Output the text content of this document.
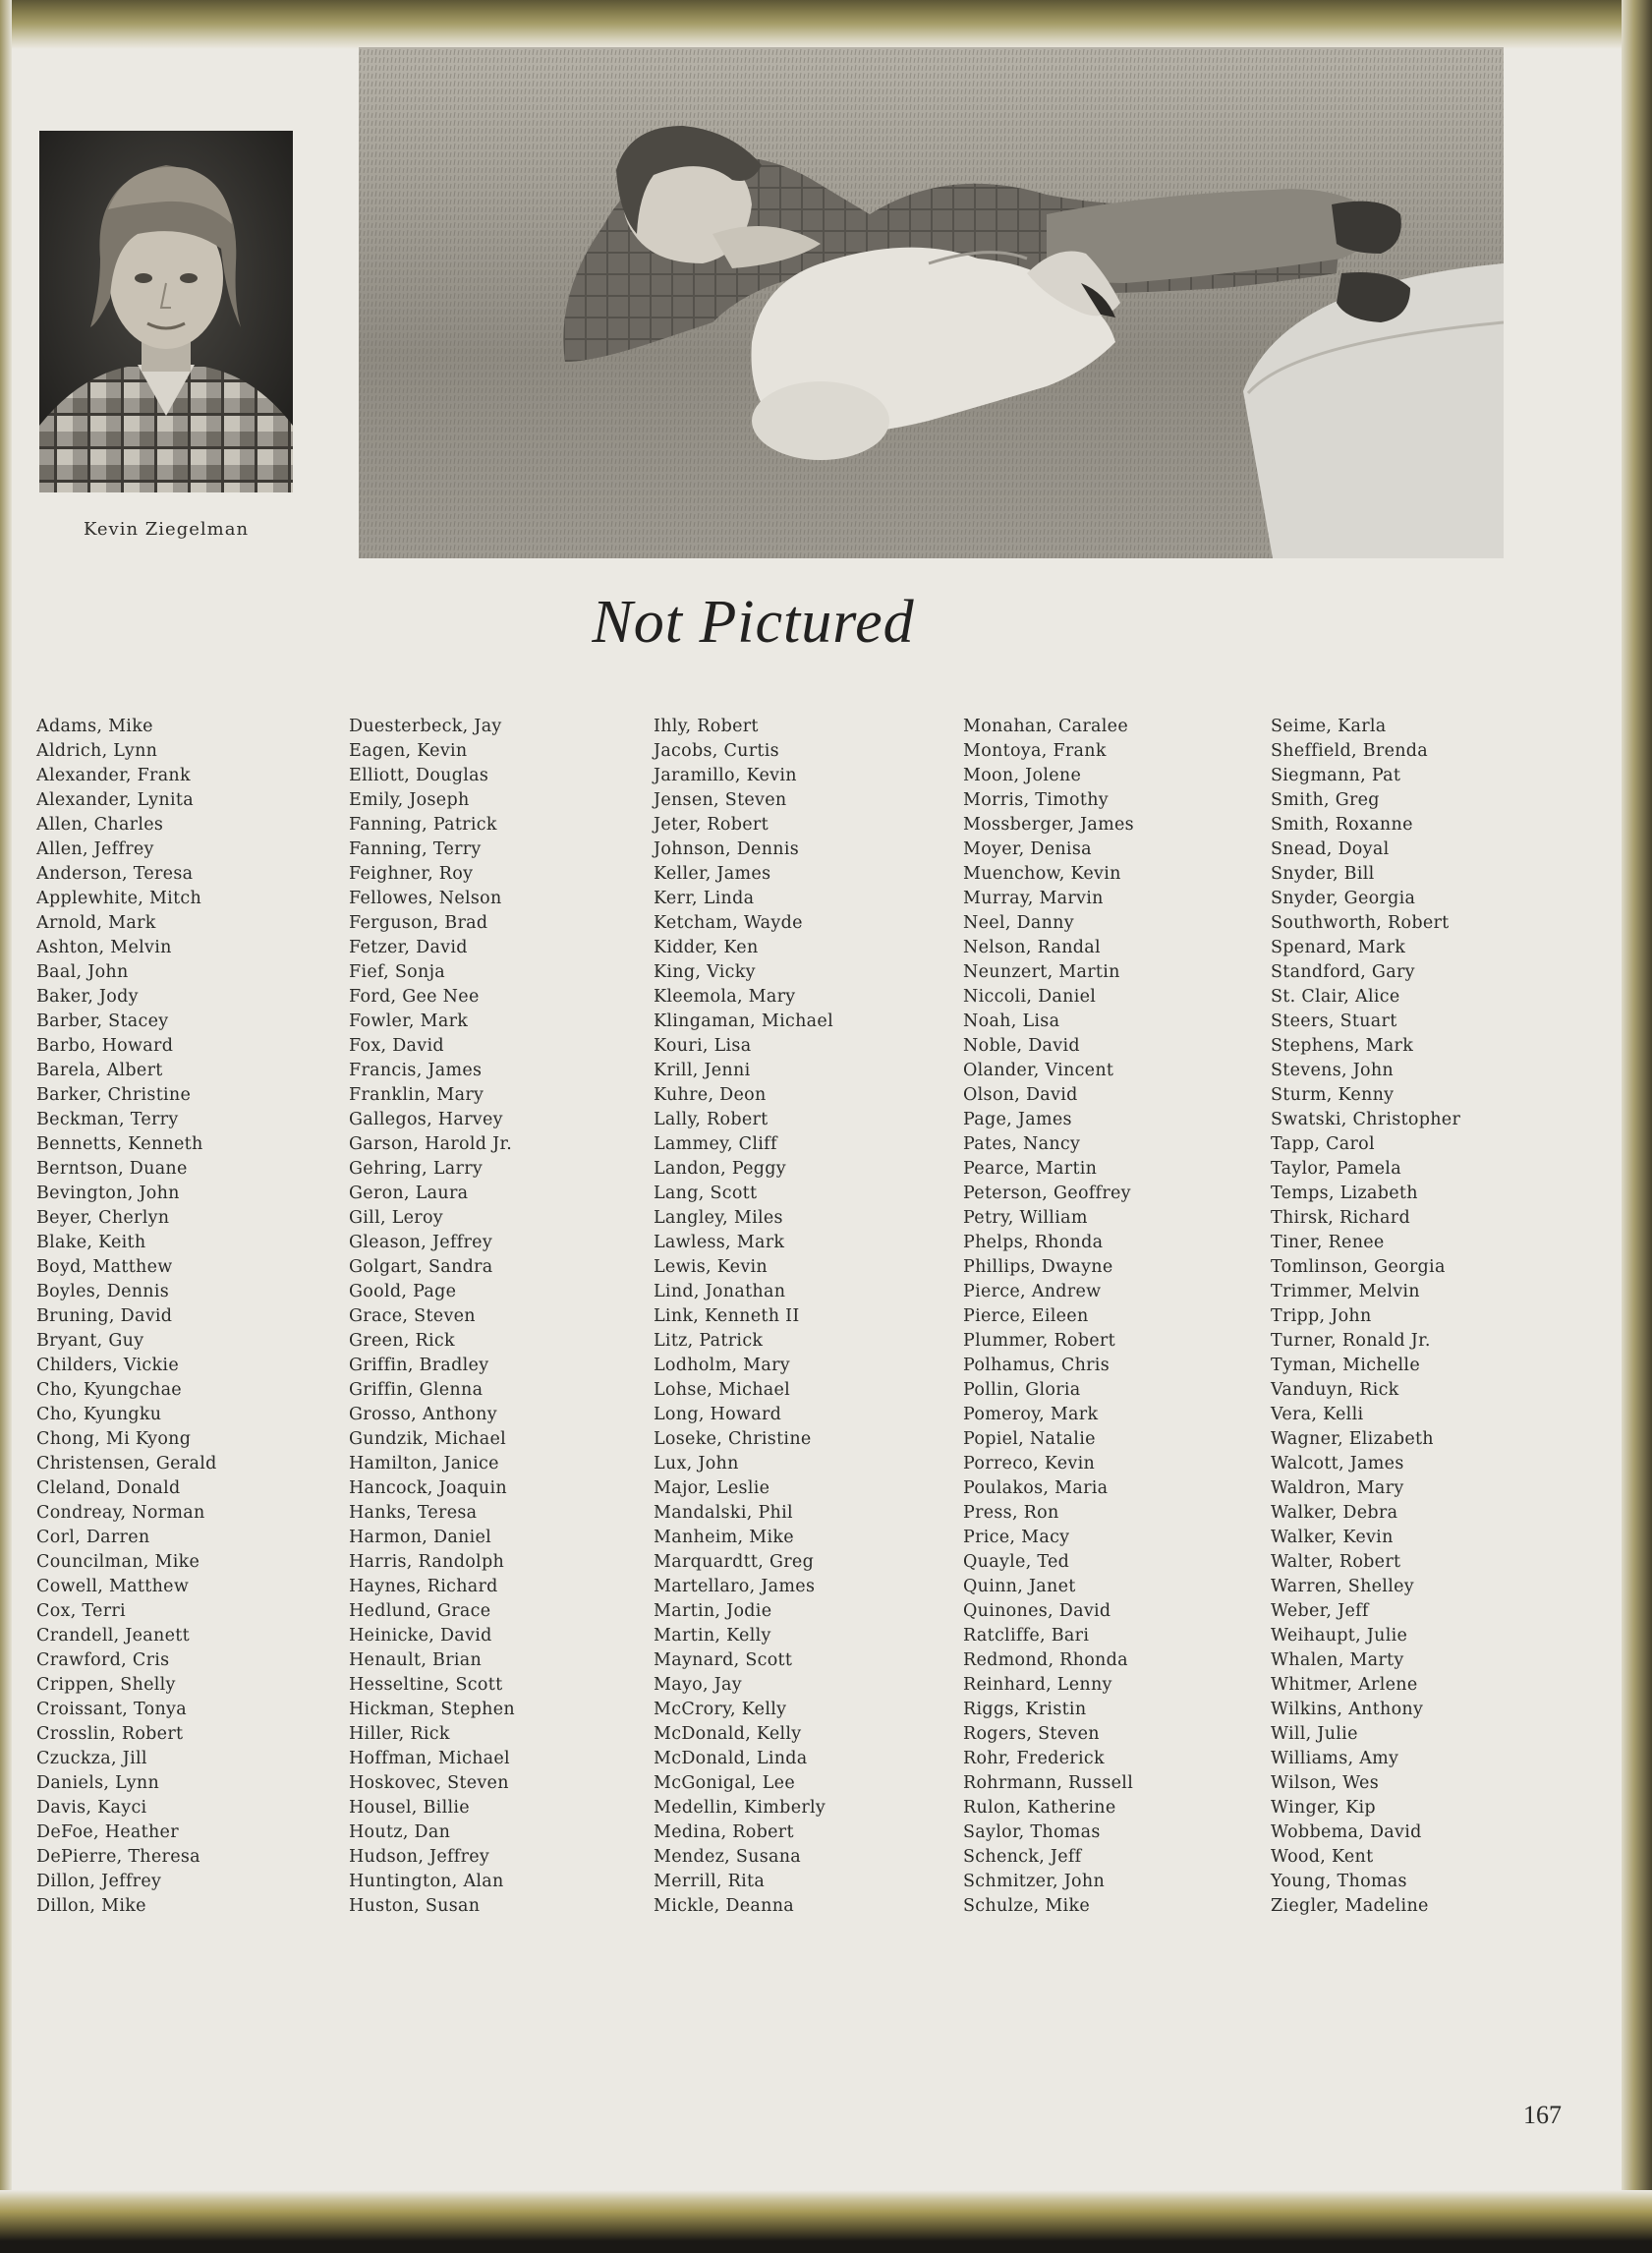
Kevin Ziegelman
Not Pictured
Adams, Mike
Aldrich, Lynn
Alexander, Frank
Alexander, Lynita
Allen, Charles
Allen, Jeffrey
Anderson, Teresa
Applewhite, Mitch
Arnold, Mark
Ashton, Melvin
Baal, John
Baker, Jody
Barber, Stacey
Barbo, Howard
Barela, Albert
Barker, Christine
Beckman, Terry
Bennetts, Kenneth
Berntson, Duane
Bevington, John
Beyer, Cherlyn
Blake, Keith
Boyd, Matthew
Boyles, Dennis
Bruning, David
Bryant, Guy
Childers, Vickie
Cho, Kyungchae
Cho, Kyungku
Chong, Mi Kyong
Christensen, Gerald
Cleland, Donald
Condreay, Norman
Corl, Darren
Councilman, Mike
Cowell, Matthew
Cox, Terri
Crandell, Jeanett
Crawford, Cris
Crippen, Shelly
Croissant, Tonya
Crosslin, Robert
Czuckza, Jill
Daniels, Lynn
Davis, Kayci
DeFoe, Heather
DePierre, Theresa
Dillon, Jeffrey
Dillon, Mike
Duesterbeck, Jay
Eagen, Kevin
Elliott, Douglas
Emily, Joseph
Fanning, Patrick
Fanning, Terry
Feighner, Roy
Fellowes, Nelson
Ferguson, Brad
Fetzer, David
Fief, Sonja
Ford, Gee Nee
Fowler, Mark
Fox, David
Francis, James
Franklin, Mary
Gallegos, Harvey
Garson, Harold Jr.
Gehring, Larry
Geron, Laura
Gill, Leroy
Gleason, Jeffrey
Golgart, Sandra
Goold, Page
Grace, Steven
Green, Rick
Griffin, Bradley
Griffin, Glenna
Grosso, Anthony
Gundzik, Michael
Hamilton, Janice
Hancock, Joaquin
Hanks, Teresa
Harmon, Daniel
Harris, Randolph
Haynes, Richard
Hedlund, Grace
Heinicke, David
Henault, Brian
Hesseltine, Scott
Hickman, Stephen
Hiller, Rick
Hoffman, Michael
Hoskovec, Steven
Housel, Billie
Houtz, Dan
Hudson, Jeffrey
Huntington, Alan
Huston, Susan
Ihly, Robert
Jacobs, Curtis
Jaramillo, Kevin
Jensen, Steven
Jeter, Robert
Johnson, Dennis
Keller, James
Kerr, Linda
Ketcham, Wayde
Kidder, Ken
King, Vicky
Kleemola, Mary
Klingaman, Michael
Kouri, Lisa
Krill, Jenni
Kuhre, Deon
Lally, Robert
Lammey, Cliff
Landon, Peggy
Lang, Scott
Langley, Miles
Lawless, Mark
Lewis, Kevin
Lind, Jonathan
Link, Kenneth II
Litz, Patrick
Lodholm, Mary
Lohse, Michael
Long, Howard
Loseke, Christine
Lux, John
Major, Leslie
Mandalski, Phil
Manheim, Mike
Marquardtt, Greg
Martellaro, James
Martin, Jodie
Martin, Kelly
Maynard, Scott
Mayo, Jay
McCrory, Kelly
McDonald, Kelly
McDonald, Linda
McGonigal, Lee
Medellin, Kimberly
Medina, Robert
Mendez, Susana
Merrill, Rita
Mickle, Deanna
Monahan, Caralee
Montoya, Frank
Moon, Jolene
Morris, Timothy
Mossberger, James
Moyer, Denisa
Muenchow, Kevin
Murray, Marvin
Neel, Danny
Nelson, Randal
Neunzert, Martin
Niccoli, Daniel
Noah, Lisa
Noble, David
Olander, Vincent
Olson, David
Page, James
Pates, Nancy
Pearce, Martin
Peterson, Geoffrey
Petry, William
Phelps, Rhonda
Phillips, Dwayne
Pierce, Andrew
Pierce, Eileen
Plummer, Robert
Polhamus, Chris
Pollin, Gloria
Pomeroy, Mark
Popiel, Natalie
Porreco, Kevin
Poulakos, Maria
Press, Ron
Price, Macy
Quayle, Ted
Quinn, Janet
Quinones, David
Ratcliffe, Bari
Redmond, Rhonda
Reinhard, Lenny
Riggs, Kristin
Rogers, Steven
Rohr, Frederick
Rohrmann, Russell
Rulon, Katherine
Saylor, Thomas
Schenck, Jeff
Schmitzer, John
Schulze, Mike
Seime, Karla
Sheffield, Brenda
Siegmann, Pat
Smith, Greg
Smith, Roxanne
Snead, Doyal
Snyder, Bill
Snyder, Georgia
Southworth, Robert
Spenard, Mark
Standford, Gary
St. Clair, Alice
Steers, Stuart
Stephens, Mark
Stevens, John
Sturm, Kenny
Swatski, Christopher
Tapp, Carol
Taylor, Pamela
Temps, Lizabeth
Thirsk, Richard
Tiner, Renee
Tomlinson, Georgia
Trimmer, Melvin
Tripp, John
Turner, Ronald Jr.
Tyman, Michelle
Vanduyn, Rick
Vera, Kelli
Wagner, Elizabeth
Walcott, James
Waldron, Mary
Walker, Debra
Walker, Kevin
Walter, Robert
Warren, Shelley
Weber, Jeff
Weihaupt, Julie
Whalen, Marty
Whitmer, Arlene
Wilkins, Anthony
Will, Julie
Williams, Amy
Wilson, Wes
Winger, Kip
Wobbema, David
Wood, Kent
Young, Thomas
Ziegler, Madeline
167
